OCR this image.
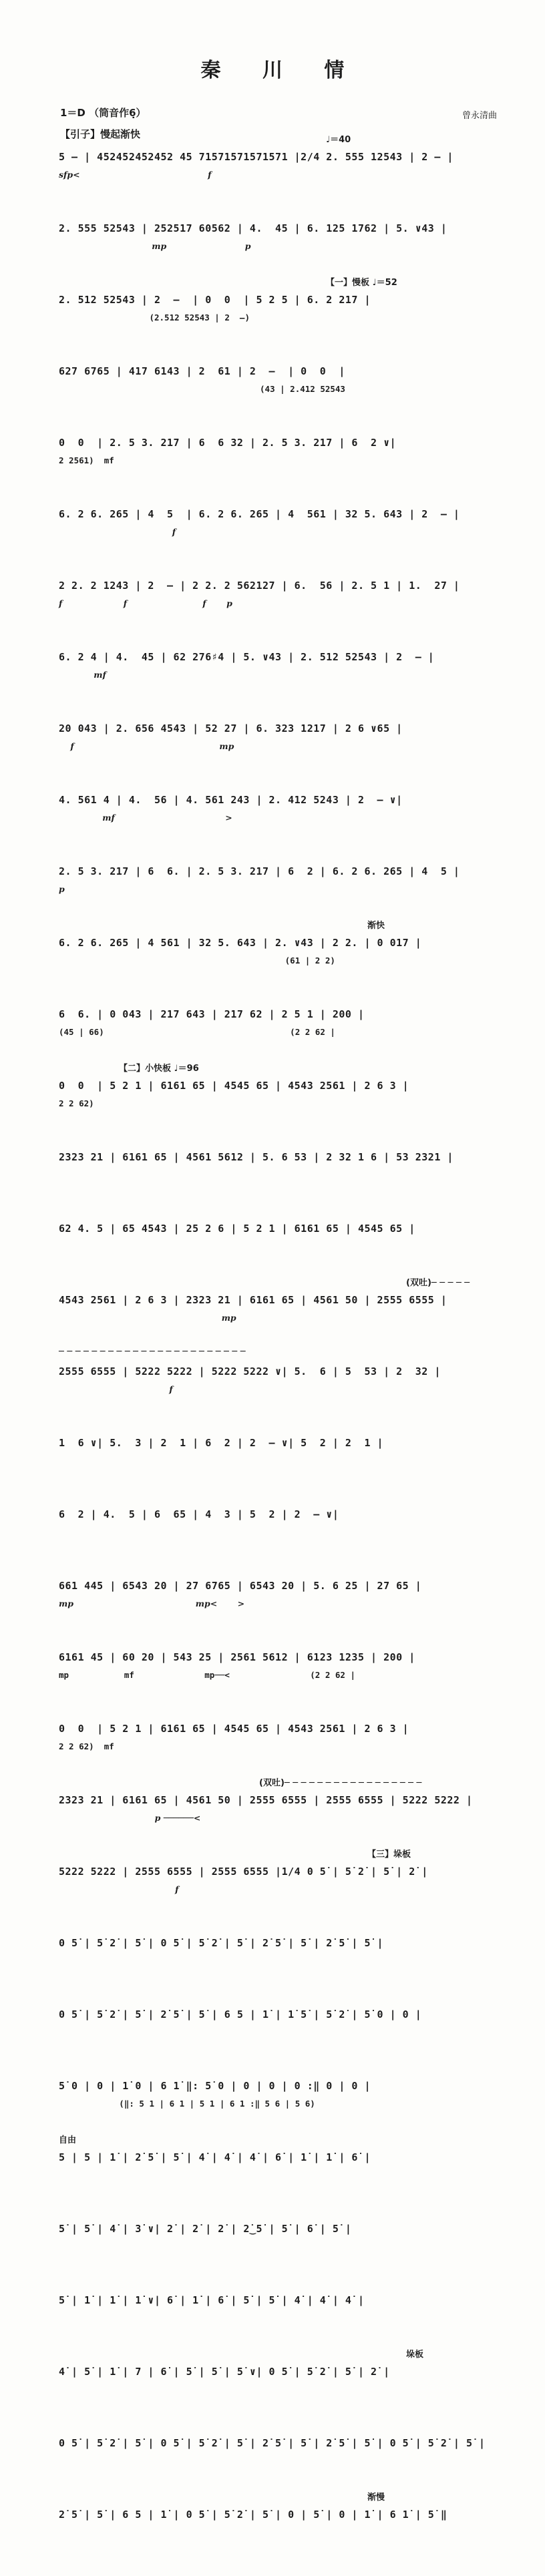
秦 川 情
1＝D （筒音作6̣）	曾永清曲
【引子】慢起渐快	♩＝40
5 – | 452452452452 45 71571571571571 |2/4 2. 555 12543 | 2 – |
sfp<                                            f
2. 555 52543 | 252517 60562 | 4.  45 | 6. 125 1762 | 5. ∨43 |
mp                           p
【一】慢板 ♩＝52
2. 512 52543 | 2  –  | 0  0  | 5 2 5 | 6. 2 217 |
(2.512 52543 | 2  –)
627 6765 | 417 6143 | 2  61 | 2  –  | 0  0  |
(43 | 2.412 52543
0  0  | 2. 5 3. 217 | 6  6 32 | 2. 5 3. 217 | 6  2 ∨|
2 2561)  mf
6. 2 6. 265 | 4  5  | 6. 2 6. 265 | 4  561 | 32 5. 643 | 2  – |
f
2 2. 2 1243 | 2  – | 2 2. 2 562127 | 6.  56 | 2. 5 1 | 1.  27 |
f                     f                          f       p
6. 2 4 | 4.  45 | 62 276♯4 | 5. ∨43 | 2. 512 52543 | 2  – |
mf
20 043 | 2. 656 4543 | 52 27 | 6. 323 1217 | 2 6 ∨65 |
f                                                  mp
4. 561 4 | 4.  56 | 4. 561 243 | 2. 412 5243 | 2  – ∨|
mf                                      >
2. 5 3. 217 | 6  6. | 2. 5 3. 217 | 6  2 | 6. 2 6. 265 | 4  5 |
p
渐快
6. 2 6. 265 | 4 561 | 32 5. 643 | 2. ∨43 | 2 2. | 0 017 |
(61 | 2 2)
6  6. | 0 043 | 217 643 | 217 62 | 2 5 1 | 200 |
(45 | 66)                                     (2 2 62 |
【二】小快板 ♩＝96
0  0  | 5 2 1 | 6161 65 | 4545 65 | 4543 2561 | 2 6 3 |
2 2 62)
2323 21 | 6161 65 | 4561 5612 | 5. 6 53 | 2 32 1 6 | 53 2321 |
62 4. 5 | 65 4543 | 25 2 6 | 5 2 1 | 6161 65 | 4545 65 |
(双吐)─ ─ ─ ─ ─
4543 2561 | 2 6 3 | 2323 21 | 6161 65 | 4561 50 | 2555 6555 |
mp
─ ─ ─ ─ ─ ─ ─ ─ ─ ─ ─ ─ ─ ─ ─ ─ ─ ─ ─ ─ ─ ─ ─
2555 6555 | 5222 5222 | 5222 5222 ∨| 5.  6 | 5  53 | 2  32 |
f
1  6 ∨| 5.  3 | 2  1 | 6  2 | 2  – ∨| 5  2 | 2  1 |
6  2 | 4.  5 | 6  65 | 4  3 | 5  2 | 2  – ∨|
661 445 | 6543 20 | 27 6765 | 6543 20 | 5. 6 25 | 27 65 |
mp                                          mp<       >
6161 45 | 60 20 | 543 25 | 2561 5612 | 6123 1235 | 200 |
mp           mf              mp──<                (2 2 62 |
0  0  | 5 2 1 | 6161 65 | 4545 65 | 4543 2561 | 2 6 3 |
2 2 62)  mf
(双吐)─ ─ ─ ─ ─ ─ ─ ─ ─ ─ ─ ─ ─ ─ ─ ─ ─
2323 21 | 6161 65 | 4561 50 | 2555 6555 | 2555 6555 | 5222 5222 |
p ──────<
【三】垛板
5222 5222 | 2555 6555 | 2555 6555 |1/4 0 5̇ | 5̇ 2̇ | 5̇ | 2̇ |
f
0 5̇ | 5̇ 2̇ | 5̇ | 0 5̇ | 5̇ 2̇ | 5̇ | 2̇ 5̇ | 5̇ | 2̇ 5̇ | 5̇ |
0 5̇ | 5̇ 2̇ | 5̇ | 2̇ 5̇ | 5̇ | 6 5 | 1̇ | 1̇ 5̇ | 5̇ 2̇ | 5̇ 0 | 0 |
5̇ 0 | 0 | 1̇ 0 | 6 1̇ ‖: 5̇ 0 | 0 | 0 | 0 :‖ 0 | 0 |
(‖: 5 1 | 6 1 | 5 1 | 6 1 :‖ 5 6 | 5 6)
自由
5 | 5 | 1̇ | 2̇ 5̇ | 5̇ | 4̇ | 4̇ | 4̇ | 6̇ | 1̇ | 1̇ | 6̇ |
5̇ | 5̇ | 4̇ | 3̇ ∨| 2̇ | 2̇ | 2̇ | 2̇‿5̇ | 5̇ | 6̇ | 5̇ |
5̇ | 1̇ | 1̇ | 1̇ ∨| 6̇ | 1̇ | 6̇ | 5̇ | 5̇ | 4̇ | 4̇ | 4̇ |
垛板
4̇ | 5̇ | 1̇ | 7 | 6̇ | 5̇ | 5̇ | 5̇ ∨| 0 5̇ | 5̇ 2̇ | 5̇ | 2̇ |
0 5̇ | 5̇ 2̇ | 5̇ | 0 5̇ | 5̇ 2̇ | 5̇ | 2̇ 5̇ | 5̇ | 2̇ 5̇ | 5̇ | 0 5̇ | 5̇ 2̇ | 5̇ |
渐慢
2̇ 5̇ | 5̇ | 6 5 | 1̇ | 0 5̇ | 5̇ 2̇ | 5̇ | 0 | 5̇ | 0 | 1̇ | 6 1̇ | 5̇ ‖
